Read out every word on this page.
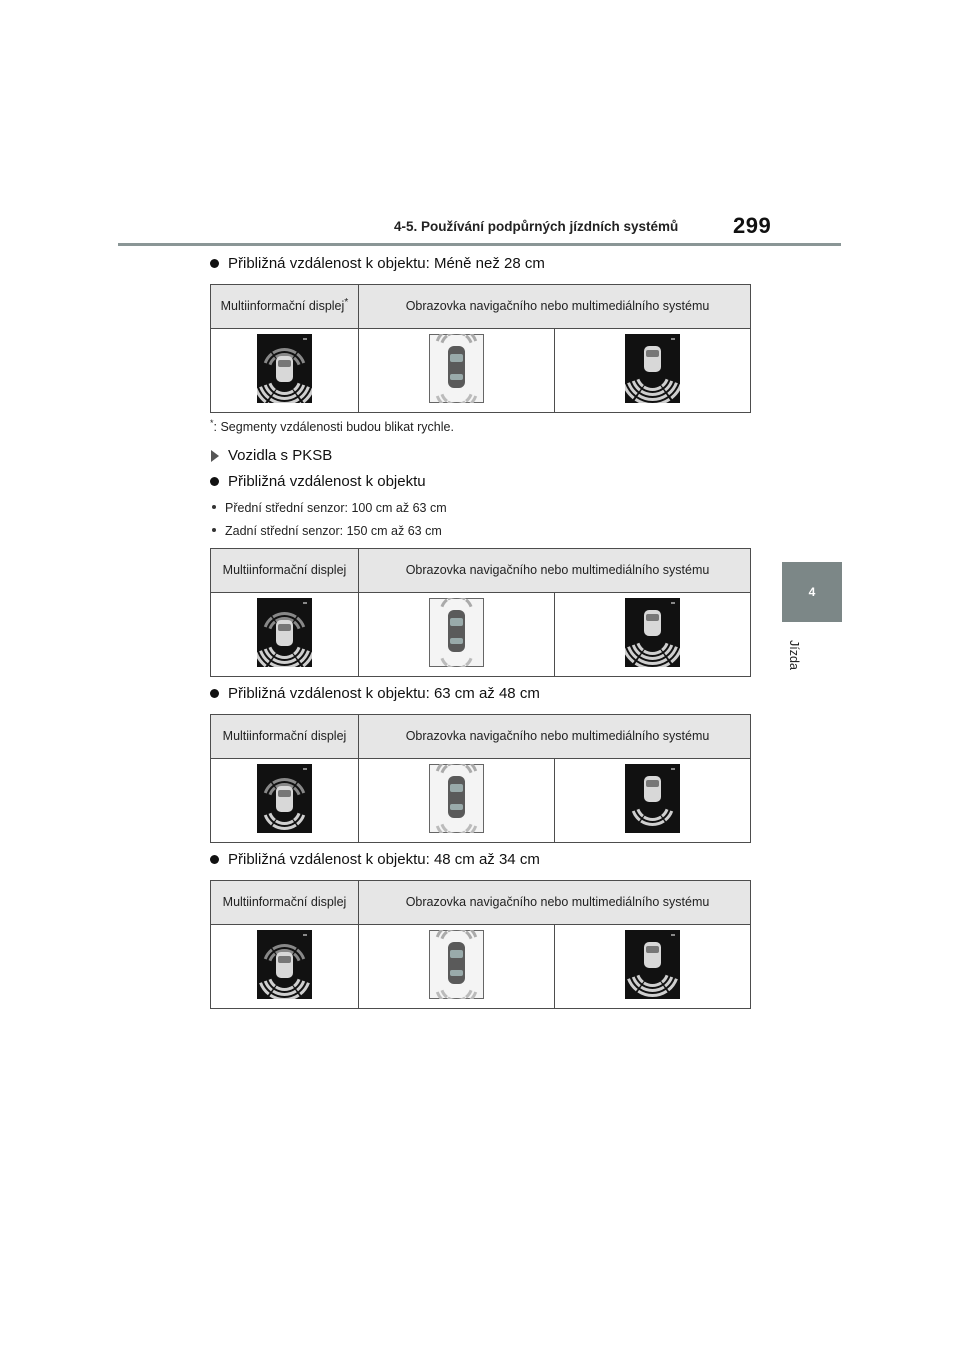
4-5. Používání podpůrných jízdních systémů 299
4
Jízda
Přibližná vzdálenost k objektu: Méně než 28 cm
Multiinformační displej*	Obrazovka navigačního nebo multimediálního systému	

*: Segmenty vzdálenosti budou blikat rychle.
Vozidla s PKSB
Přibližná vzdálenost k objektu
Přední střední senzor: 100 cm až 63 cm
Zadní střední senzor: 150 cm až 63 cm
Multiinformační displej	Obrazovka navigačního nebo multimediálního systému	

Přibližná vzdálenost k objektu: 63 cm až 48 cm
Multiinformační displej	Obrazovka navigačního nebo multimediálního systému	

Přibližná vzdálenost k objektu: 48 cm až 34 cm
Multiinformační displej	Obrazovka navigačního nebo multimediálního systému	
